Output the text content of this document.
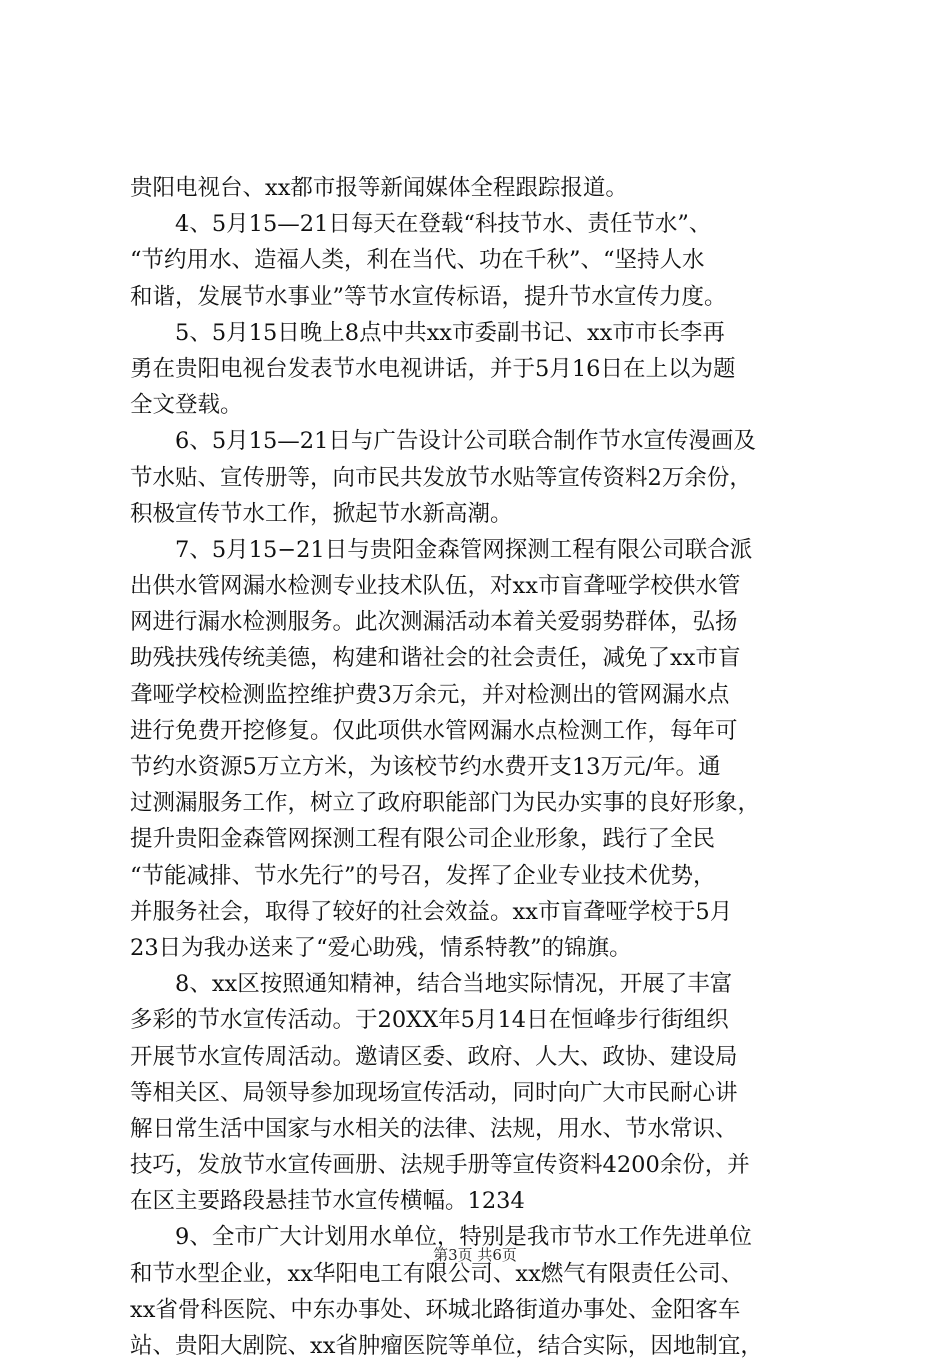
贵阳电视台、xx都市报等新闻媒体全程跟踪报道。
4、5月15—21日每天在登载“科技节水、责任节水”、
“节约用水、造福人类，利在当代、功在千秋”、“坚持人水
和谐，发展节水事业”等节水宣传标语，提升节水宣传力度。
5、5月15日晚上8点中共xx市委副书记、xx市市长李再
勇在贵阳电视台发表节水电视讲话，并于5月16日在上以为题
全文登载。
6、5月15—21日与广告设计公司联合制作节水宣传漫画及
节水贴、宣传册等，向市民共发放节水贴等宣传资料2万余份，
积极宣传节水工作，掀起节水新高潮。
7、5月15−21日与贵阳金森管网探测工程有限公司联合派
出供水管网漏水检测专业技术队伍，对xx市盲聋哑学校供水管
网进行漏水检测服务。此次测漏活动本着关爱弱势群体，弘扬
助残扶残传统美德，构建和谐社会的社会责任，减免了xx市盲
聋哑学校检测监控维护费3万余元，并对检测出的管网漏水点
进行免费开挖修复。仅此项供水管网漏水点检测工作，每年可
节约水资源5万立方米，为该校节约水费开支13万元/年。通
过测漏服务工作，树立了政府职能部门为民办实事的良好形象，
提升贵阳金森管网探测工程有限公司企业形象，践行了全民
“节能减排、节水先行”的号召，发挥了企业专业技术优势，
并服务社会，取得了较好的社会效益。xx市盲聋哑学校于5月
23日为我办送来了“爱心助残，情系特教”的锦旗。
8、xx区按照通知精神，结合当地实际情况，开展了丰富
多彩的节水宣传活动。于20XX年5月14日在恒峰步行街组织
开展节水宣传周活动。邀请区委、政府、人大、政协、建设局
等相关区、局领导参加现场宣传活动，同时向广大市民耐心讲
解日常生活中国家与水相关的法律、法规，用水、节水常识、
技巧，发放节水宣传画册、法规手册等宣传资料4200余份，并
在区主要路段悬挂节水宣传横幅。1234
9、全市广大计划用水单位，特别是我市节水工作先进单位
和节水型企业，xx华阳电工有限公司、xx燃气有限责任公司、
xx省骨科医院、中东办事处、环城北路街道办事处、金阳客车
站、贵阳大剧院、xx省肿瘤医院等单位，结合实际，因地制宜，
第3页 共6页
